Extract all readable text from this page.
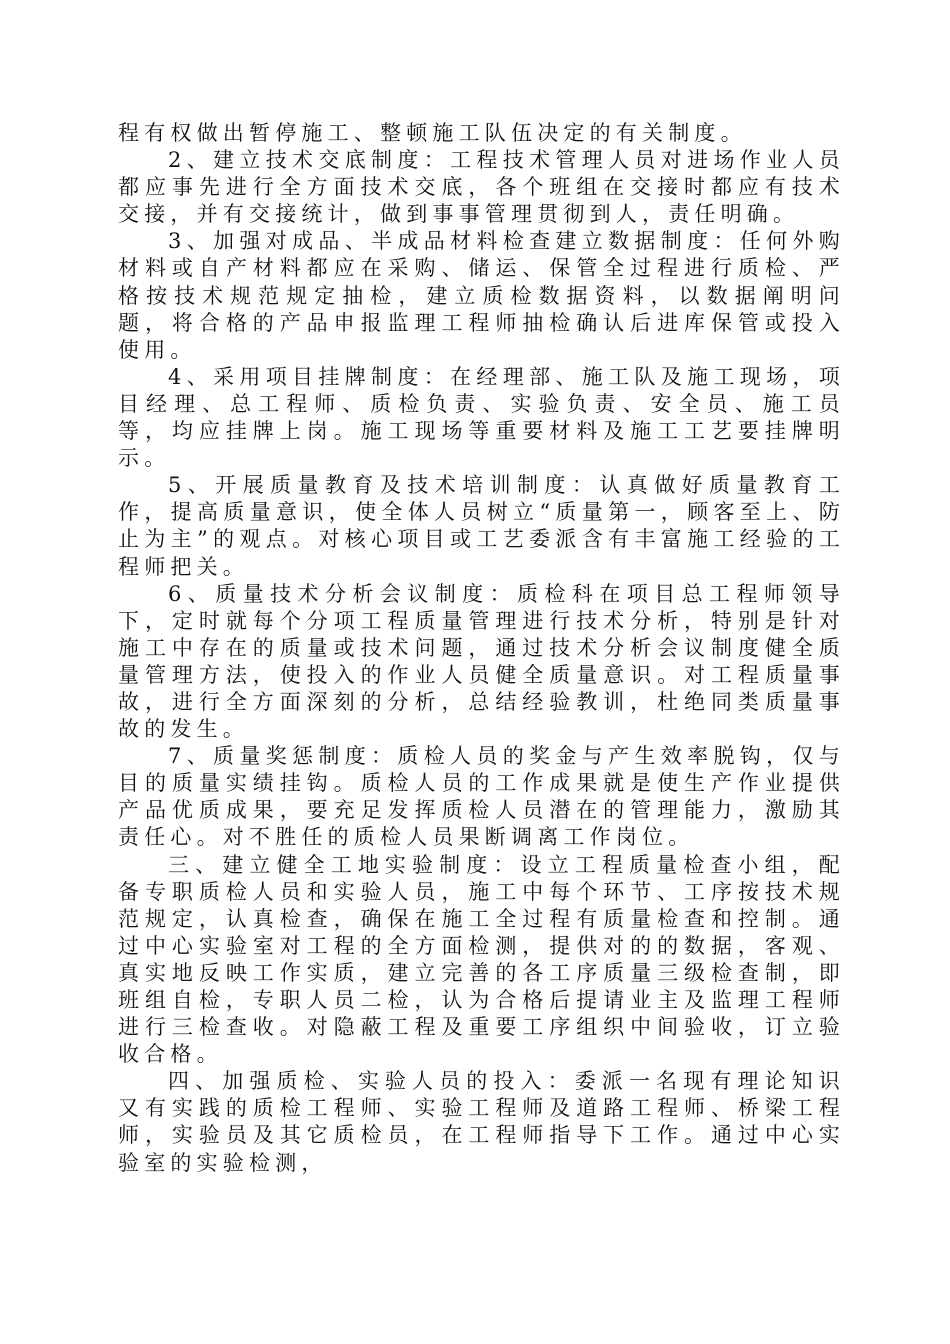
程有权做出暂停施工、整顿施工队伍决定的有关制度。

2、建立技术交底制度：工程技术管理人员对进场作业人员都应事先进行全方面技术交底，各个班组在交接时都应有技术交接，并有交接统计，做到事事管理贯彻到人，责任明确。

3、加强对成品、半成品材料检查建立数据制度：任何外购材料或自产材料都应在采购、储运、保管全过程进行质检、严格按技术规范规定抽检，建立质检数据资料，以数据阐明问题，将合格的产品申报监理工程师抽检确认后进库保管或投入使用。

4、采用项目挂牌制度：在经理部、施工队及施工现场，项目经理、总工程师、质检负责、实验负责、安全员、施工员等，均应挂牌上岗。施工现场等重要材料及施工工艺要挂牌明示。

5、开展质量教育及技术培训制度：认真做好质量教育工作，提高质量意识，使全体人员树立“质量第一，顾客至上、防止为主”的观点。对核心项目或工艺委派含有丰富施工经验的工程师把关。

6、质量技术分析会议制度：质检科在项目总工程师领导下，定时就每个分项工程质量管理进行技术分析，特别是针对施工中存在的质量或技术问题，通过技术分析会议制度健全质量管理方法，使投入的作业人员健全质量意识。对工程质量事故，进行全方面深刻的分析，总结经验教训，杜绝同类质量事故的发生。

7、质量奖惩制度：质检人员的奖金与产生效率脱钩，仅与目的质量实绩挂钩。质检人员的工作成果就是使生产作业提供产品优质成果，要充足发挥质检人员潜在的管理能力，激励其责任心。对不胜任的质检人员果断调离工作岗位。

三、建立健全工地实验制度：设立工程质量检查小组，配备专职质检人员和实验人员，施工中每个环节、工序按技术规范规定，认真检查，确保在施工全过程有质量检查和控制。通过中心实验室对工程的全方面检测，提供对的的数据，客观、真实地反映工作实质，建立完善的各工序质量三级检查制，即班组自检，专职人员二检，认为合格后提请业主及监理工程师进行三检查收。对隐蔽工程及重要工序组织中间验收，订立验收合格。

四、加强质检、实验人员的投入：委派一名现有理论知识又有实践的质检工程师、实验工程师及道路工程师、桥梁工程师，实验员及其它质检员，在工程师指导下工作。通过中心实验室的实验检测，
